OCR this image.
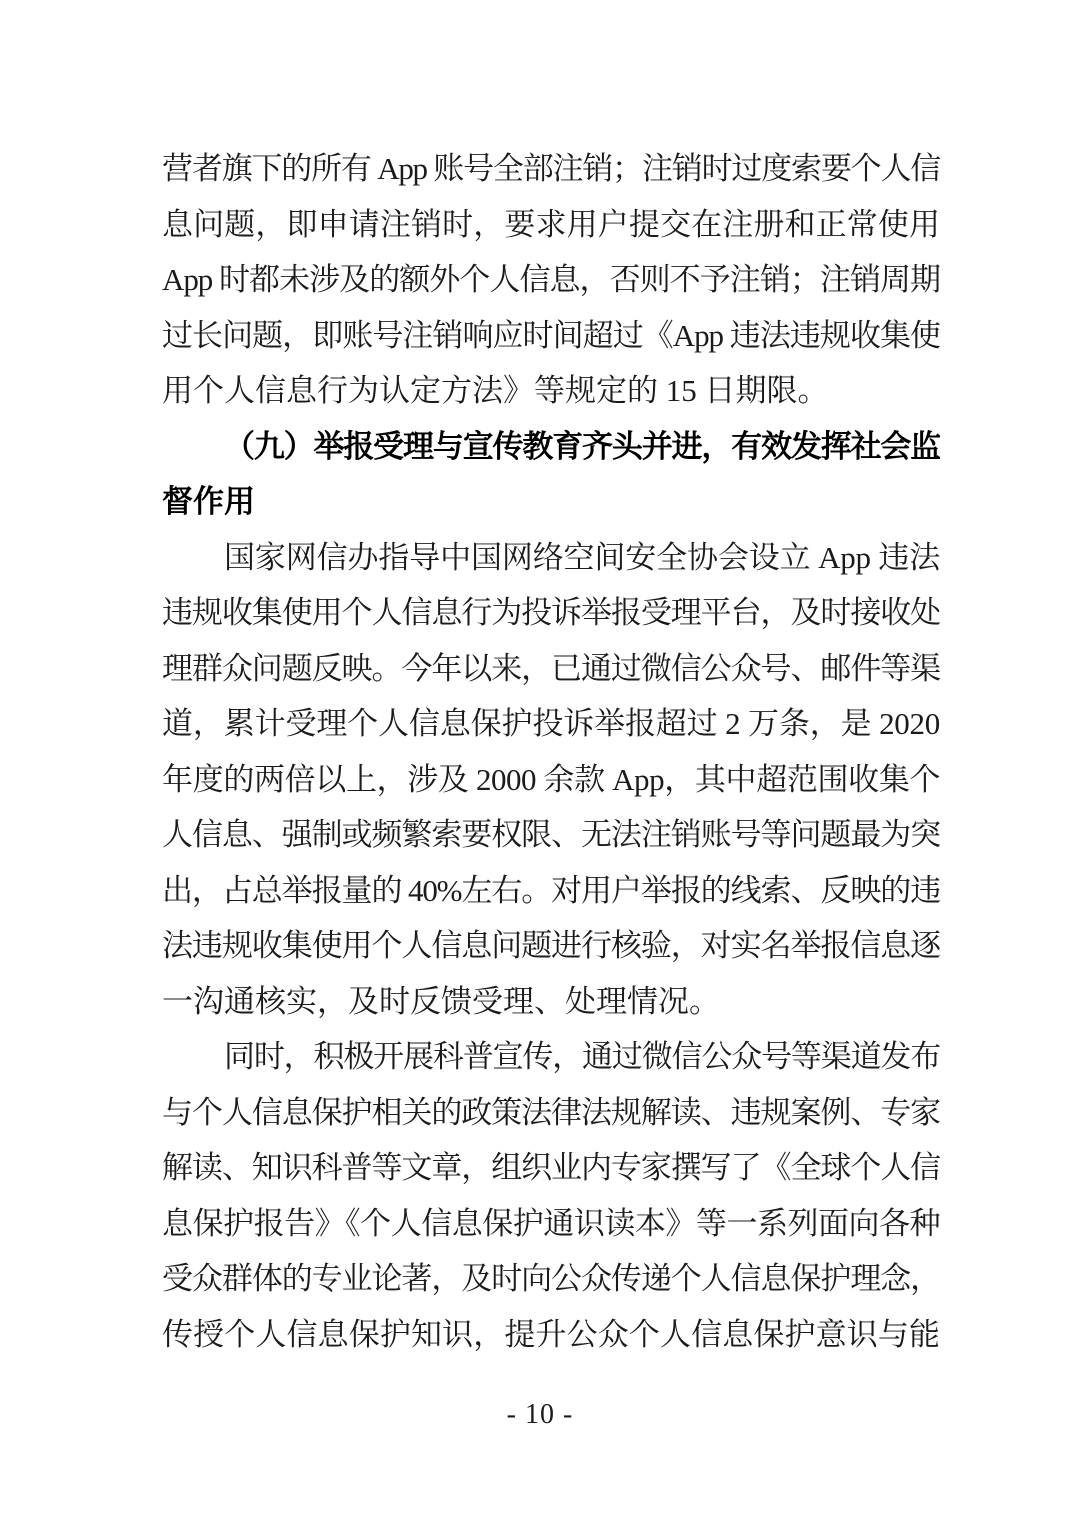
营者旗下的所有 App 账号全部注销；注销时过度索要个人信
息问题，即申请注销时，要求用户提交在注册和正常使用
App 时都未涉及的额外个人信息，否则不予注销；注销周期
过长问题，即账号注销响应时间超过《App 违法违规收集使
用个人信息行为认定方法》等规定的 15 日期限。
（九）举报受理与宣传教育齐头并进，有效发挥社会监
督作用
国家网信办指导中国网络空间安全协会设立 App 违法
违规收集使用个人信息行为投诉举报受理平台，及时接收处
理群众问题反映。今年以来，已通过微信公众号、邮件等渠
道，累计受理个人信息保护投诉举报超过 2 万条，是 2020
年度的两倍以上，涉及 2000 余款 App，其中超范围收集个
人信息、强制或频繁索要权限、无法注销账号等问题最为突
出，占总举报量的 40%左右。对用户举报的线索、反映的违
法违规收集使用个人信息问题进行核验，对实名举报信息逐
一沟通核实，及时反馈受理、处理情况。
同时，积极开展科普宣传，通过微信公众号等渠道发布
与个人信息保护相关的政策法律法规解读、违规案例、专家
解读、知识科普等文章，组织业内专家撰写了《全球个人信
息保护报告》《个人信息保护通识读本》等一系列面向各种
受众群体的专业论著，及时向公众传递个人信息保护理念，
传授个人信息保护知识，提升公众个人信息保护意识与能
- 10 -
